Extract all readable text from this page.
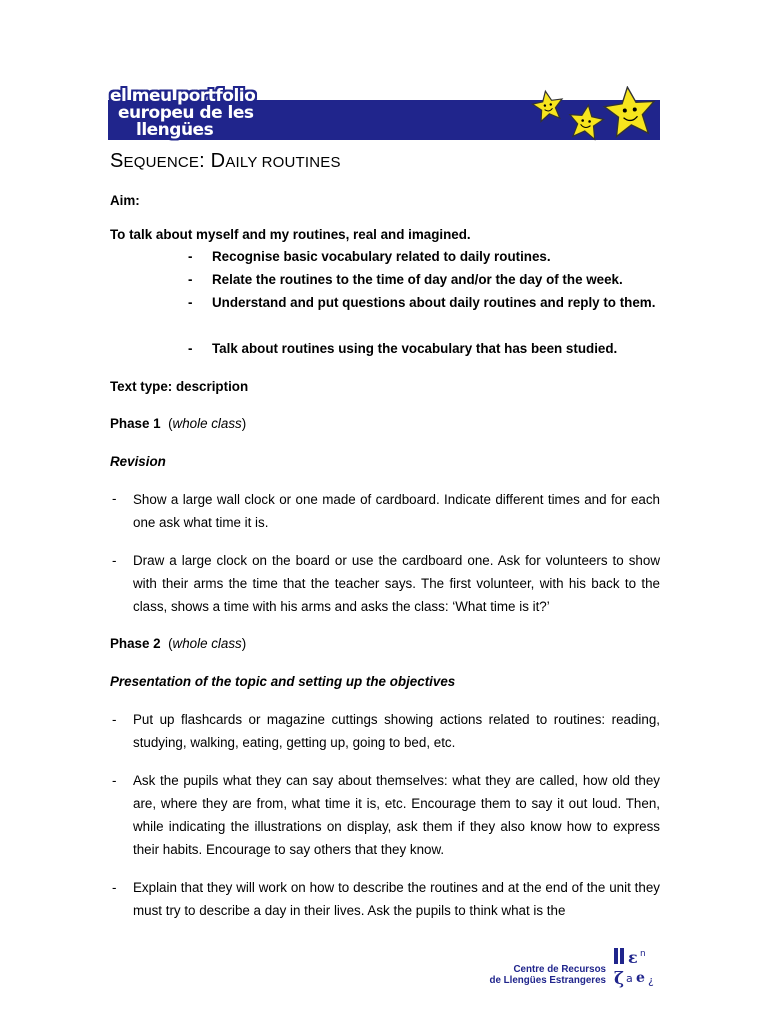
el meu portfolio
europeu de les
llengües
SEQUENCE: DAILY ROUTINES
Aim:
To talk about myself and my routines, real and imagined.
- Recognise basic vocabulary related to daily routines.
- Relate the routines to the time of day and/or the day of the week.
- Understand and put questions about daily routines and reply to them.
- Talk about routines using the vocabulary that has been studied.
Text type: description
Phase 1  (whole class)
Revision
- Show a large wall clock or one made of cardboard. Indicate different times and for each one ask what time it is.
- Draw a large clock on the board or use the cardboard one. Ask for volunteers to show with their arms the time that the teacher says. The first volunteer, with his back to the class, shows a time with his arms and asks the class: ‘What time is it?’
Phase 2  (whole class)
Presentation of the topic and setting up the objectives
- Put up flashcards or magazine cuttings showing actions related to routines: reading, studying, walking, eating, getting up, going to bed, etc.
- Ask the pupils what they can say about themselves: what they are called, how old they are, where they are from, what time it is, etc. Encourage them to say it out loud. Then, while indicating the illustrations on display, ask them if they also know how to express their habits. Encourage to say others that they know.
- Explain that they will work on how to describe the routines and at the end of the unit they must try to describe a day in their lives. Ask the pupils to think what is the
Centre de Recursos
de Llengües Estrangeres
ε n
ζ a e ¿
